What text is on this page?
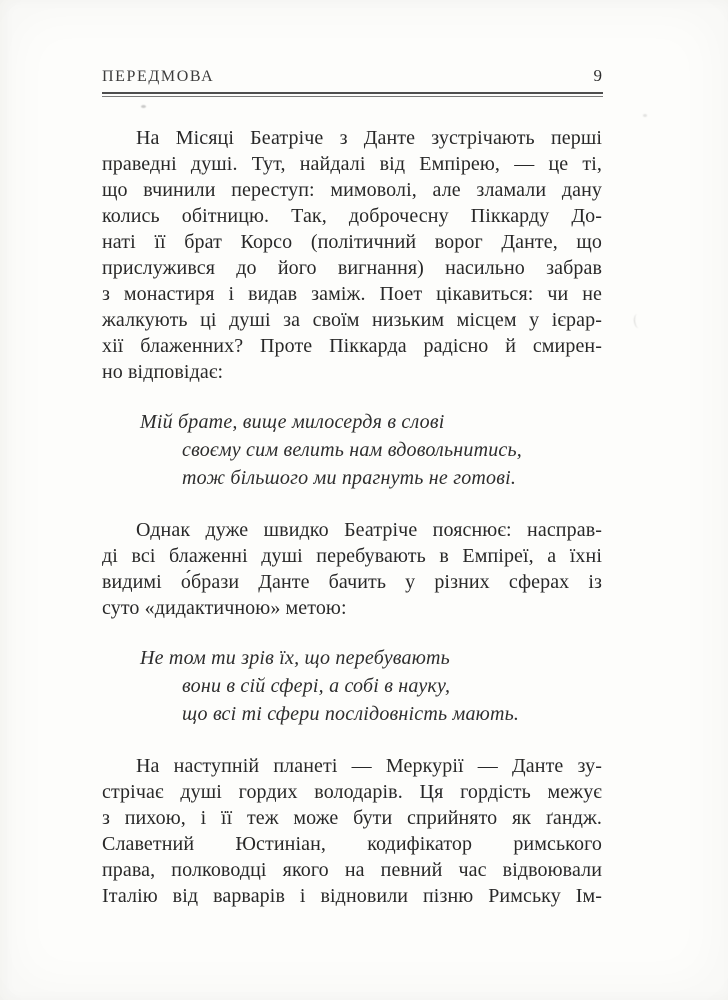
ПЕРЕДМОВА	9
На Місяці Беатріче з Данте зустрічають перші
праведні душі. Тут, найдалі від Емпірею, — це ті,
що вчинили переступ: мимоволі, але зламали дану
колись обітницю. Так, доброчесну Піккарду До-
наті її брат Корсо (політичний ворог Данте, що
прислужився до його вигнання) насильно забрав
з монастиря і видав заміж. Поет цікавиться: чи не
жалкують ці душі за своїм низьким місцем у ієрар-
хії блаженних? Проте Піккарда радісно й смирен-
но відповідає:
Мій брате, вище милосердя в слові
своєму сим велить нам вдовольнитись,
тож більшого ми прагнуть не готові.
Однак дуже швидко Беатріче пояснює: насправ-
ді всі блаженні душі перебувають в Емпіреї, а їхні
видимі о́брази Данте бачить у різних сферах із
суто «дидактичною» метою:
Не том ти зрів їх, що перебувають
вони в сій сфері, а собі в науку,
що всі ті сфери послідовність мають.
На наступній планеті — Меркурії — Данте зу-
стрічає душі гордих володарів. Ця гордість межує
з пихою, і її теж може бути сприйнято як ґандж.
Славетний Юстиніан, кодифікатор римського
права, полководці якого на певний час відвоювали
Італію від варварів і відновили пізню Римську Ім-
